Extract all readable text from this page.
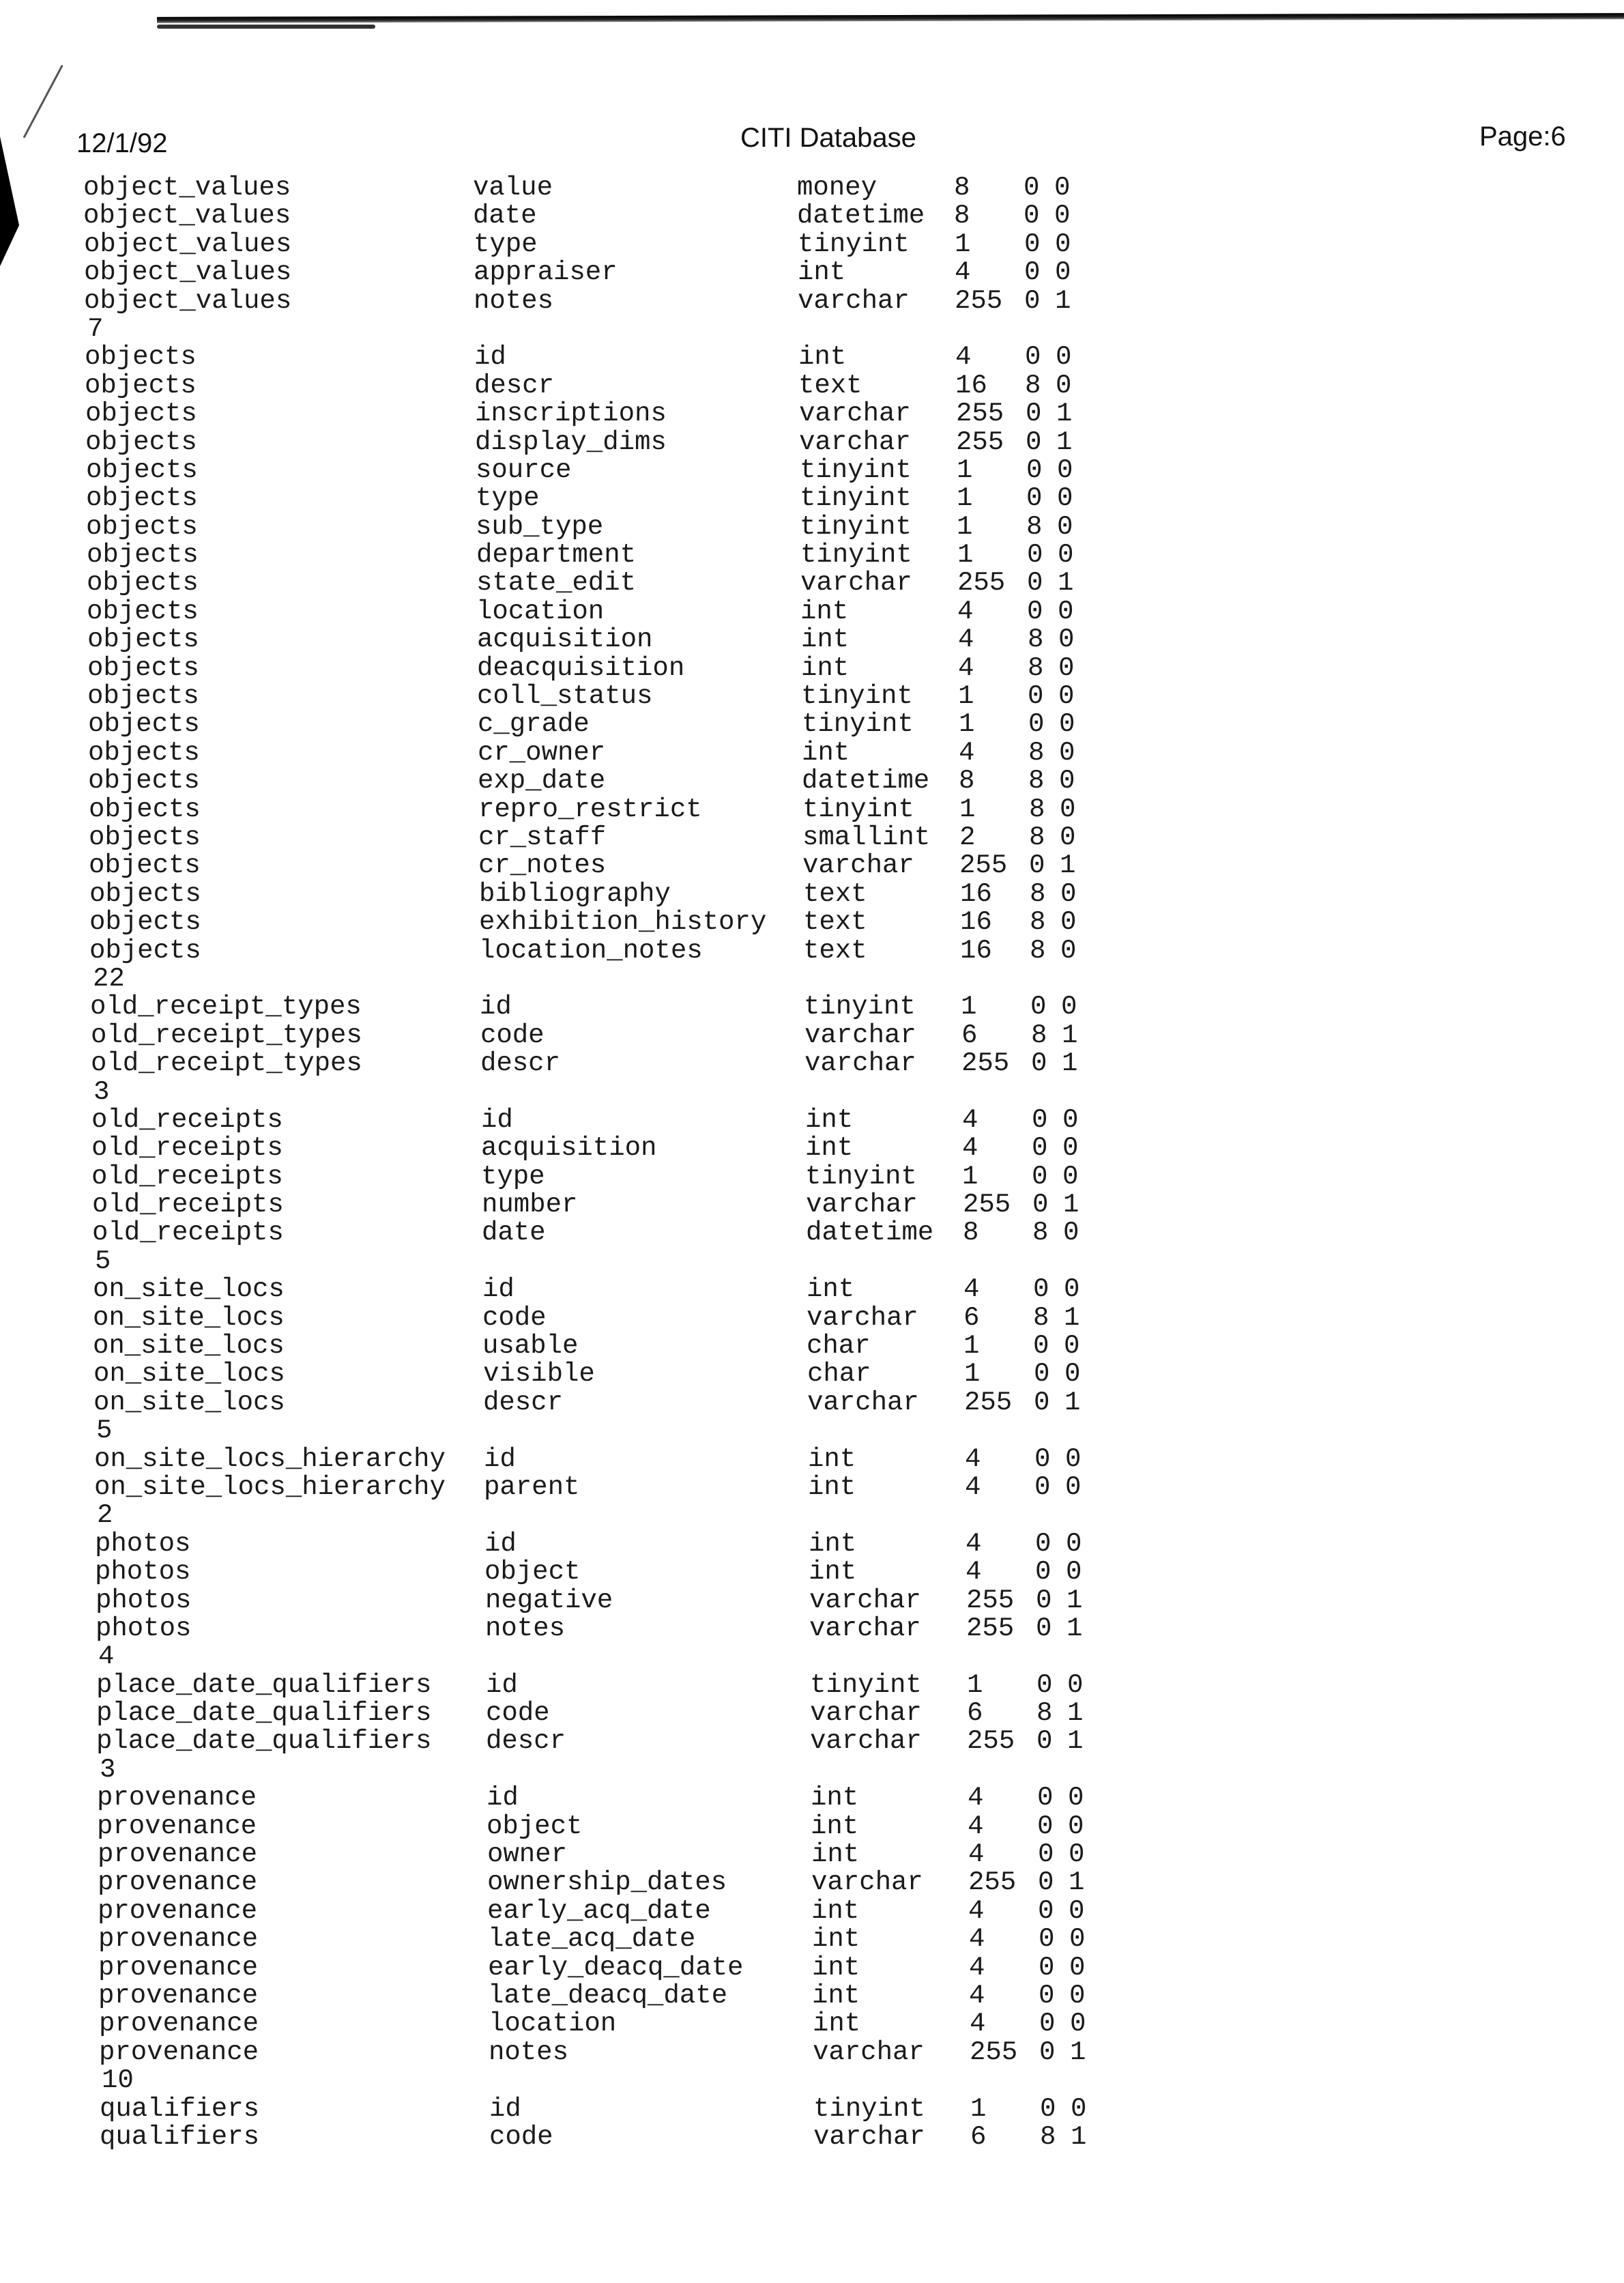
12/1/92	CITI Database	Page:6
object_values	value	money	8 0 0
object_values	date	datetime 8 0 0
object_values	type	tinyint 1 0 0
object_values	appraiser	int	4 0 0
object_values	notes	varchar 255 0 1
7
objects	id	int	4 0 0
objects	descr	text	16 8 0
objects	inscriptions	varchar 255 0 1
objects	display_dims	varchar 255 0 1
objects	source	tinyint 1 0 0
objects	type	tinyint 1 0 0
objects	sub_type	tinyint 1 8 0
objects	department	tinyint 1 0 0
objects	state_edit	varchar 255 0 1
objects	location	int	4 0 0
objects	acquisition	int	4 8 0
objects	deacquisition	int	4 8 0
objects	coll_status	tinyint 1 0 0
objects	c_grade	tinyint 1 0 0
objects	cr_owner	int	4 8 0
objects	exp_date	datetime 8 8 0
objects	repro_restrict	tinyint 1 8 0
objects	cr_staff	smallint 2 8 0
objects	cr_notes	varchar 255 0 1
objects	bibliography	text	16 8 0
objects	exhibition_history text	16 8 0
objects	location_notes	text	16 8 0
22
old_receipt_types	id	tinyint 1 0 0
old_receipt_types	code	varchar 6 8 1
old_receipt_types	descr	varchar 255 0 1
3
old_receipts	id	int	4 0 0
old_receipts	acquisition	int	4 0 0
old_receipts	type	tinyint 1 0 0
old_receipts	number	varchar 255 0 1
old_receipts	date	datetime 8 8 0
5
on_site_locs	id	int	4 0 0
on_site_locs	code	varchar 6 8 1
on_site_locs	usable	char	1 0 0
on_site_locs	visible	char	1 0 0
on_site_locs	descr	varchar 255 0 1
5
on_site_locs_hierarchy id	int	4 0 0
on_site_locs_hierarchy parent	int	4 0 0
2
photos	id	int	4 0 0
photos	object	int	4 0 0
photos	negative	varchar 255 0 1
photos	notes	varchar 255 0 1
4
place_date_qualifiers id	tinyint 1 0 0
place_date_qualifiers code	varchar 6 8 1
place_date_qualifiers descr	varchar 255 0 1
3
provenance	id	int	4 0 0
provenance	object	int	4 0 0
provenance	owner	int	4 0 0
provenance	ownership_dates	varchar 255 0 1
provenance	early_acq_date	int	4 0 0
provenance	late_acq_date	int	4 0 0
provenance	early_deacq_date	int	4 0 0
provenance	late_deacq_date	int	4 0 0
provenance	location	int	4 0 0
provenance	notes	varchar 255 0 1
10
qualifiers	id	tinyint 1 0 0
qualifiers	code	varchar 6 8 1
